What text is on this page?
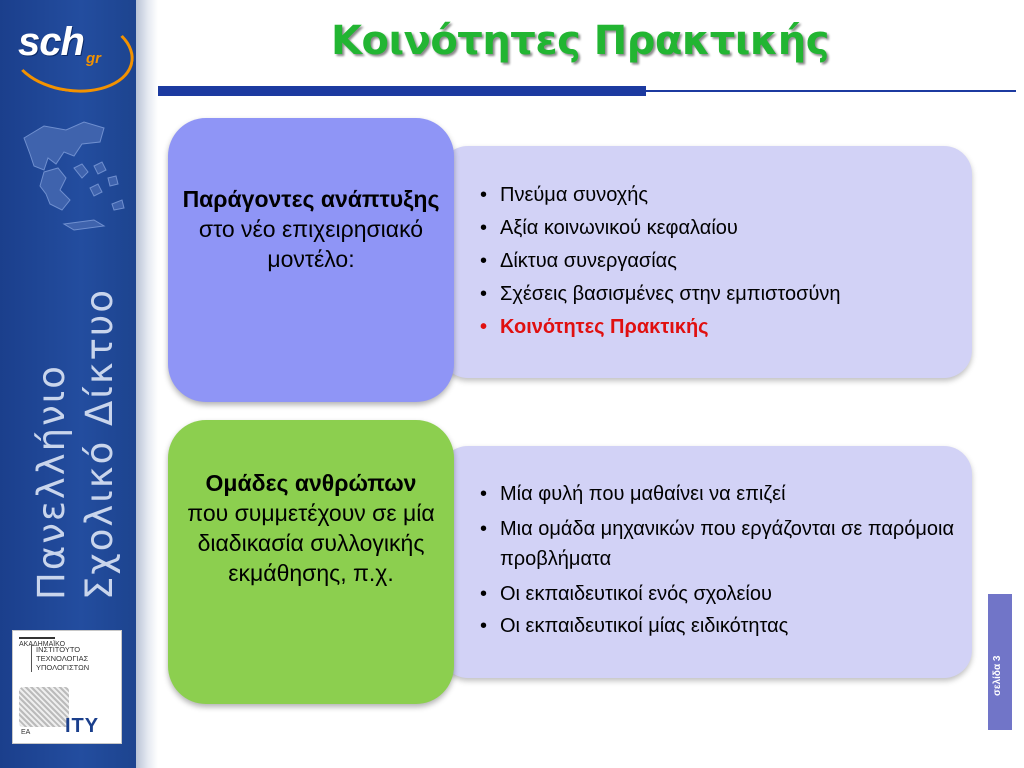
sch gr
Πανελλήνιο Σχολικό Δίκτυο
ΑΚΑΔΗΜΑΪΚΟ
ΙΝΣΤΙΤΟΥΤΟ
ΤΕΧΝΟΛΟΓΙΑΣ
ΥΠΟΛΟΓΙΣΤΩΝ
ΙΤΥ
ΕΑ
Κοινότητες Πρακτικής
• Πνεύμα συνοχής
• Αξία κοινωνικού κεφαλαίου
• Δίκτυα συνεργασίας
• Σχέσεις βασισμένες στην εμπιστοσύνη
• Κοινότητες Πρακτικής
Παράγοντες ανάπτυξης
στο νέο επιχειρησιακό μοντέλο:
• Μία φυλή που μαθαίνει να επιζεί
• Μια ομάδα μηχανικών που εργάζονται σε παρόμοια προβλήματα
• Οι εκπαιδευτικοί ενός σχολείου
• Οι εκπαιδευτικοί μίας ειδικότητας
Ομάδες ανθρώπων
που συμμετέχουν σε μία διαδικασία συλλογικής εκμάθησης, π.χ.
σελίδα 3
